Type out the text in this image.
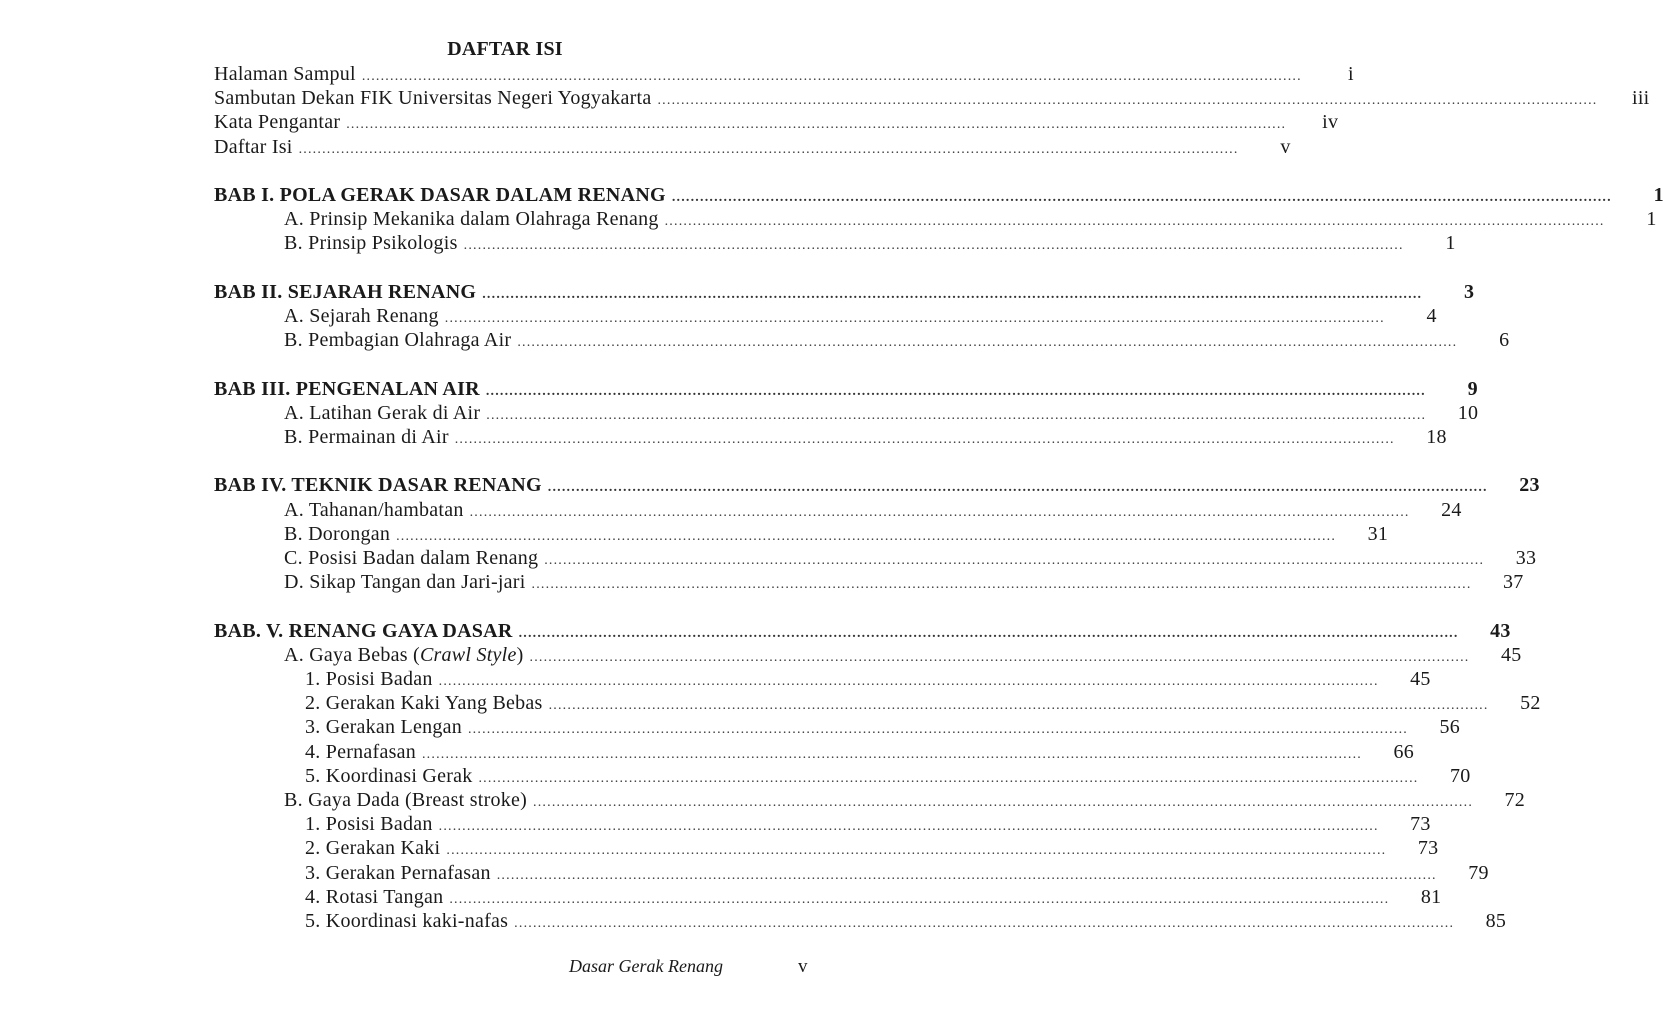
DAFTAR ISI
Halaman Sampul ........................................................................................................................................................................................................	i
Sambutan Dekan FIK Universitas Negeri Yogyakarta ........................................................................................................................................................................................................	iii
Kata Pengantar ........................................................................................................................................................................................................	iv
Daftar Isi ........................................................................................................................................................................................................	v
BAB I. POLA GERAK DASAR DALAM RENANG ........................................................................................................................................................................................................	1
A. Prinsip Mekanika dalam Olahraga Renang ........................................................................................................................................................................................................	1
B. Prinsip Psikologis ........................................................................................................................................................................................................	1
BAB II. SEJARAH RENANG ........................................................................................................................................................................................................	3
A. Sejarah Renang ........................................................................................................................................................................................................	4
B. Pembagian Olahraga Air ........................................................................................................................................................................................................	6
BAB III. PENGENALAN AIR ........................................................................................................................................................................................................	9
A. Latihan Gerak di Air ........................................................................................................................................................................................................	10
B. Permainan di Air ........................................................................................................................................................................................................	18
BAB IV. TEKNIK DASAR RENANG ........................................................................................................................................................................................................	23
A. Tahanan/hambatan ........................................................................................................................................................................................................	24
B. Dorongan ........................................................................................................................................................................................................	31
C. Posisi Badan dalam Renang ........................................................................................................................................................................................................	33
D. Sikap Tangan dan Jari-jari ........................................................................................................................................................................................................	37
BAB. V. RENANG GAYA DASAR ........................................................................................................................................................................................................	43
A. Gaya Bebas (Crawl Style) ........................................................................................................................................................................................................	45
1. Posisi Badan ........................................................................................................................................................................................................	45
2. Gerakan Kaki Yang Bebas ........................................................................................................................................................................................................	52
3. Gerakan Lengan ........................................................................................................................................................................................................	56
4. Pernafasan ........................................................................................................................................................................................................	66
5. Koordinasi Gerak ........................................................................................................................................................................................................	70
B. Gaya Dada (Breast stroke) ........................................................................................................................................................................................................	72
1. Posisi Badan ........................................................................................................................................................................................................	73
2. Gerakan Kaki ........................................................................................................................................................................................................	73
3. Gerakan Pernafasan ........................................................................................................................................................................................................	79
4. Rotasi Tangan ........................................................................................................................................................................................................	81
5. Koordinasi kaki-nafas ........................................................................................................................................................................................................	85
Dasar Gerak Renang	v
